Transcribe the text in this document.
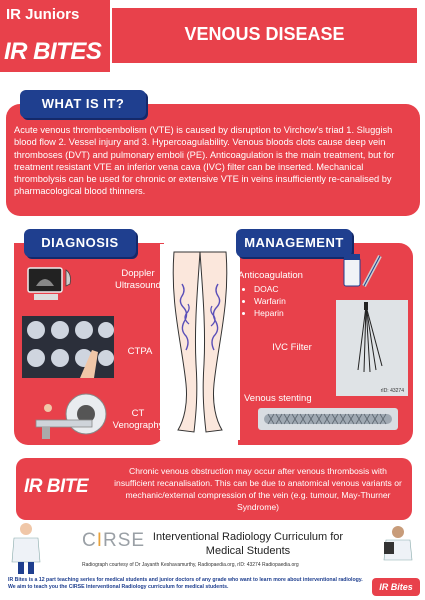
IR Juniors
IR BITES
VENOUS DISEASE
WHAT IS IT?
Acute venous thromboembolism (VTE) is caused by disruption to Virchow's triad 1. Sluggish blood flow 2. Vessel injury and 3. Hypercoagulability. Venous bloods clots cause deep vein thromboses (DVT) and pulmonary emboli (PE). Anticoagulation is the main treatment, but for treatment resistant VTE an inferior vena cava (IVC) filter can be inserted. Mechanical thrombolysis can be used for chronic or extensive VTE in veins insufficiently re-canalised by pharmacological blood thinners.
DIAGNOSIS	MANAGEMENT
Doppler Ultrasound
CTPA
CT Venography
Anticoagulation
• DOAC
• Warfarin
• Heparin
IVC Filter
rID: 43274
Venous stenting
IR BITE
Chronic venous obstruction may occur after venous thrombosis with insufficient recanalisation. This can be due to anatomical venous variants or mechanic/external compression of the vein (e.g. tumour, May-Thurner Syndrome)
CIRSE Interventional Radiology Curriculum for Medical Students
Radiograph courtesy of Dr Jayanth Keshavamurthy, Radiopaedia.org, rID: 43274 Radiopaedia.org
IR Bites is a 12 part teaching series for medical students and junior doctors of any grade who want to learn more about interventional radiology. We aim to teach you the CIRSE Interventional Radiology curriculum for medical students.	IR Bites
